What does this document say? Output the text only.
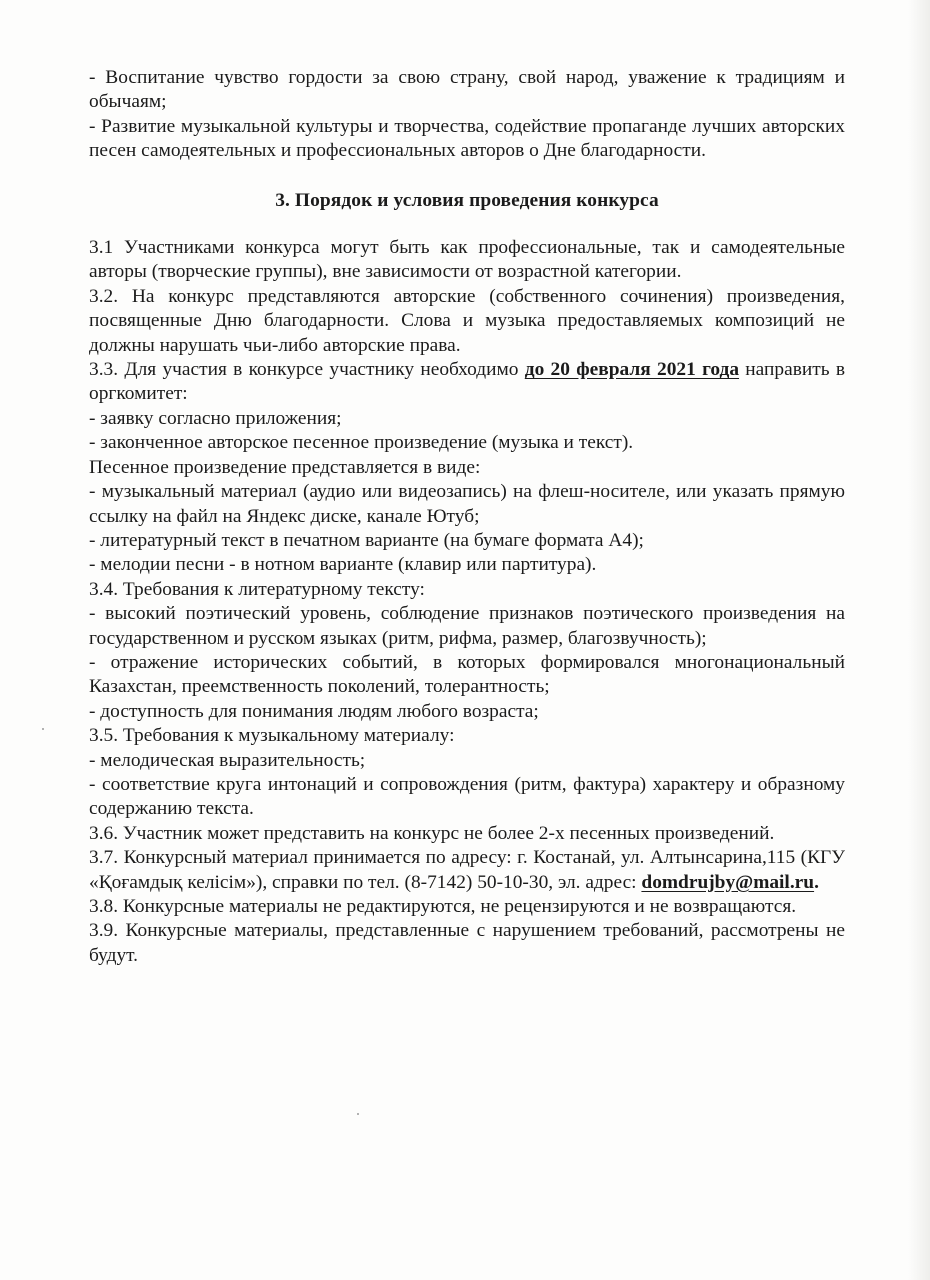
- Воспитание чувство гордости за свою страну, свой народ, уважение к традициям и обычаям;

- Развитие музыкальной культуры и творчества, содействие пропаганде лучших авторских песен самодеятельных и профессиональных авторов о Дне благодарности.

3. Порядок и условия проведения конкурса

3.1 Участниками конкурса могут быть как профессиональные, так и самодеятельные авторы (творческие группы), вне зависимости от возрастной категории.

3.2. На конкурс представляются авторские (собственного сочинения) произведения, посвященные Дню благодарности. Слова и музыка предоставляемых композиций не должны нарушать чьи-либо авторские права.

3.3. Для участия в конкурсе участнику необходимо до 20 февраля 2021 года направить в оргкомитет:

- заявку согласно приложения;

- законченное авторское песенное произведение (музыка и текст).

Песенное произведение представляется в виде:

- музыкальный материал (аудио или видеозапись) на флеш-носителе, или указать прямую ссылку на файл на Яндекс диске, канале Ютуб;

- литературный текст в печатном варианте (на бумаге формата А4);

- мелодии песни - в нотном варианте (клавир или партитура).

3.4. Требования к литературному тексту:

- высокий поэтический уровень, соблюдение признаков поэтического произведения на государственном и русском языках (ритм, рифма, размер, благозвучность);

- отражение исторических событий, в которых формировался многонациональный Казахстан, преемственность поколений, толерантность;

- доступность для понимания людям любого возраста;

3.5. Требования к музыкальному материалу:

- мелодическая выразительность;

- соответствие круга интонаций и сопровождения (ритм, фактура) характеру и образному содержанию текста.

3.6. Участник может представить на конкурс не более 2-х песенных произведений.

3.7. Конкурсный материал принимается по адресу: г. Костанай, ул. Алтынсарина,115 (КГУ «Қоғамдық келісім»), справки по тел. (8-7142) 50-10-30, эл. адрес: domdrujby@mail.ru.

3.8. Конкурсные материалы не редактируются, не рецензируются и не возвращаются.

3.9. Конкурсные материалы, представленные с нарушением требований, рассмотрены не будут.
